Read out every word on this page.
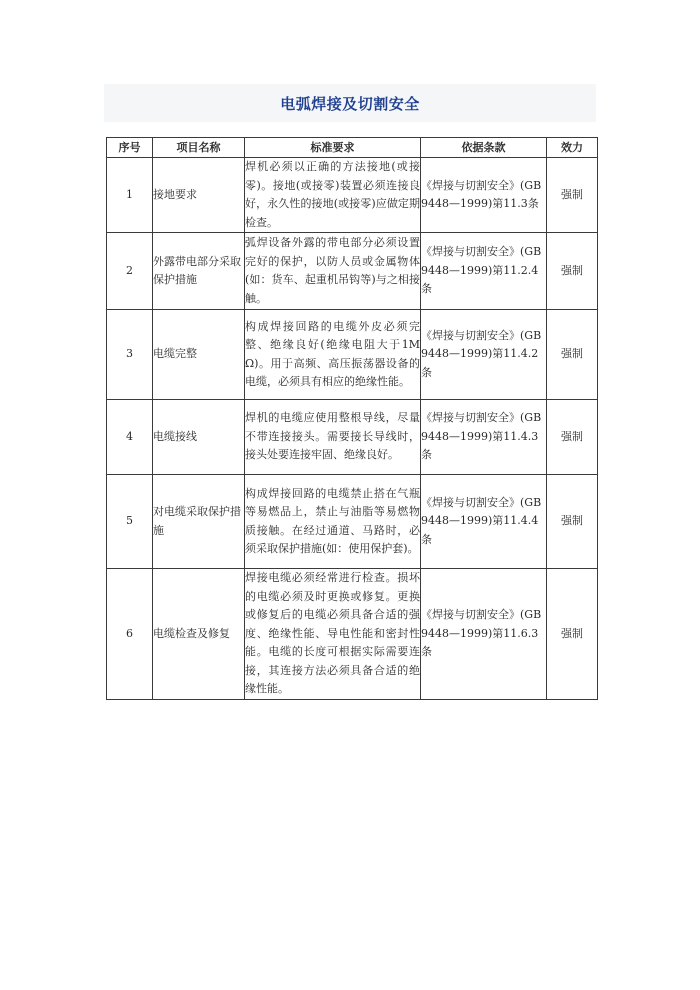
电弧焊接及切割安全
序号	项目名称	标准要求	依据条款	效力
1	接地要求	焊机必须以正确的方法接地(或接零)。接地(或接零)装置必须连接良好，永久性的接地(或接零)应做定期检查。	《焊接与切割安全》(GB9448—1999)第11.3条	强制
2	外露带电部分采取保护措施	弧焊设备外露的带电部分必须设置完好的保护，以防人员或金属物体(如：货车、起重机吊钩等)与之相接触。	《焊接与切割安全》(GB9448—1999)第11.2.4条	强制
3	电缆完整	构成焊接回路的电缆外皮必须完整、绝缘良好(绝缘电阻大于1MΩ)。用于高频、高压振荡器设备的电缆，必须具有相应的绝缘性能。	《焊接与切割安全》(GB9448—1999)第11.4.2条	强制
4	电缆接线	焊机的电缆应使用整根导线，尽量不带连接接头。需要接长导线时，接头处要连接牢固、绝缘良好。	《焊接与切割安全》(GB9448—1999)第11.4.3条	强制
5	对电缆采取保护措施	构成焊接回路的电缆禁止搭在气瓶等易燃品上，禁止与油脂等易燃物质接触。在经过通道、马路时，必须采取保护措施(如：使用保护套)。	《焊接与切割安全》(GB9448—1999)第11.4.4条	强制
6	电缆检查及修复	焊接电缆必须经常进行检查。损坏的电缆必须及时更换或修复。更换或修复后的电缆必须具备合适的强度、绝缘性能、导电性能和密封性能。电缆的长度可根据实际需要连接，其连接方法必须具备合适的绝缘性能。	《焊接与切割安全》(GB9448—1999)第11.6.3条	强制
